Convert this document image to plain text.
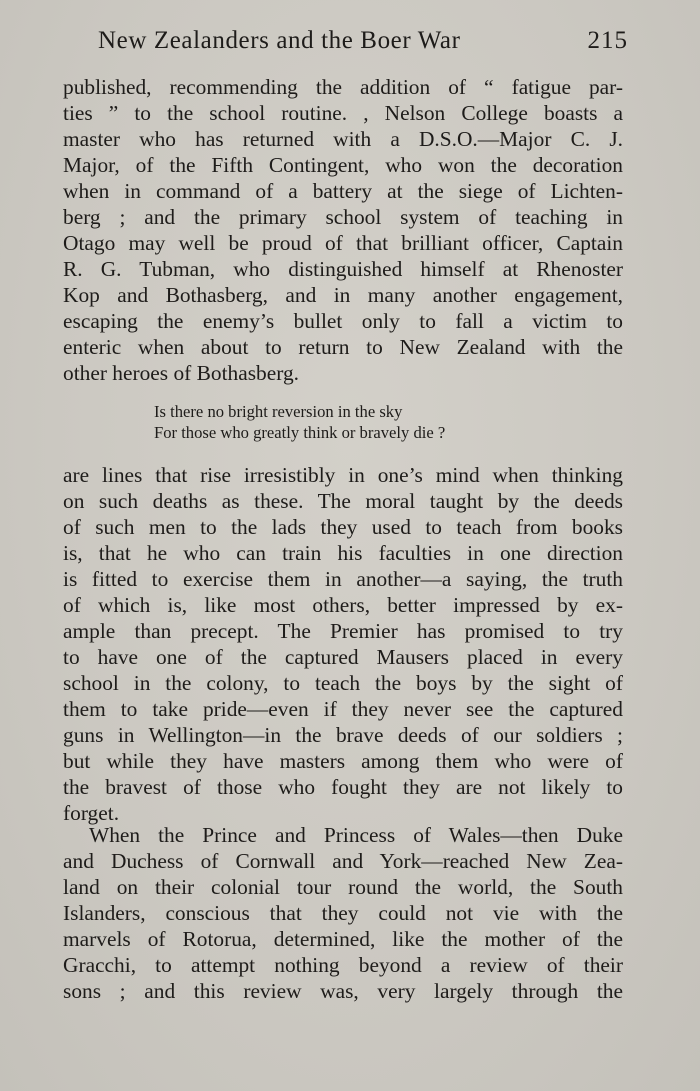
New Zealanders and the Boer War	215
published, recommending the addition of “ fatigue par-
ties ” to the school routine. , Nelson College boasts a
master who has returned with a D.S.O.—Major C. J.
Major, of the Fifth Contingent, who won the decoration
when in command of a battery at the siege of Lichten-
berg ; and the primary school system of teaching in
Otago may well be proud of that brilliant officer, Captain
R. G. Tubman, who distinguished himself at Rhenoster
Kop and Bothasberg, and in many another engagement,
escaping the enemy’s bullet only to fall a victim to
enteric when about to return to New Zealand with the
other heroes of Bothasberg.
Is there no bright reversion in the sky
For those who greatly think or bravely die ?
are lines that rise irresistibly in one’s mind when thinking
on such deaths as these. The moral taught by the deeds
of such men to the lads they used to teach from books
is, that he who can train his faculties in one direction
is fitted to exercise them in another—a saying, the truth
of which is, like most others, better impressed by ex-
ample than precept. The Premier has promised to try
to have one of the captured Mausers placed in every
school in the colony, to teach the boys by the sight of
them to take pride—even if they never see the captured
guns in Wellington—in the brave deeds of our soldiers ;
but while they have masters among them who were of
the bravest of those who fought they are not likely to
forget.
When the Prince and Princess of Wales—then Duke
and Duchess of Cornwall and York—reached New Zea-
land on their colonial tour round the world, the South
Islanders, conscious that they could not vie with the
marvels of Rotorua, determined, like the mother of the
Gracchi, to attempt nothing beyond a review of their
sons ; and this review was, very largely through the
